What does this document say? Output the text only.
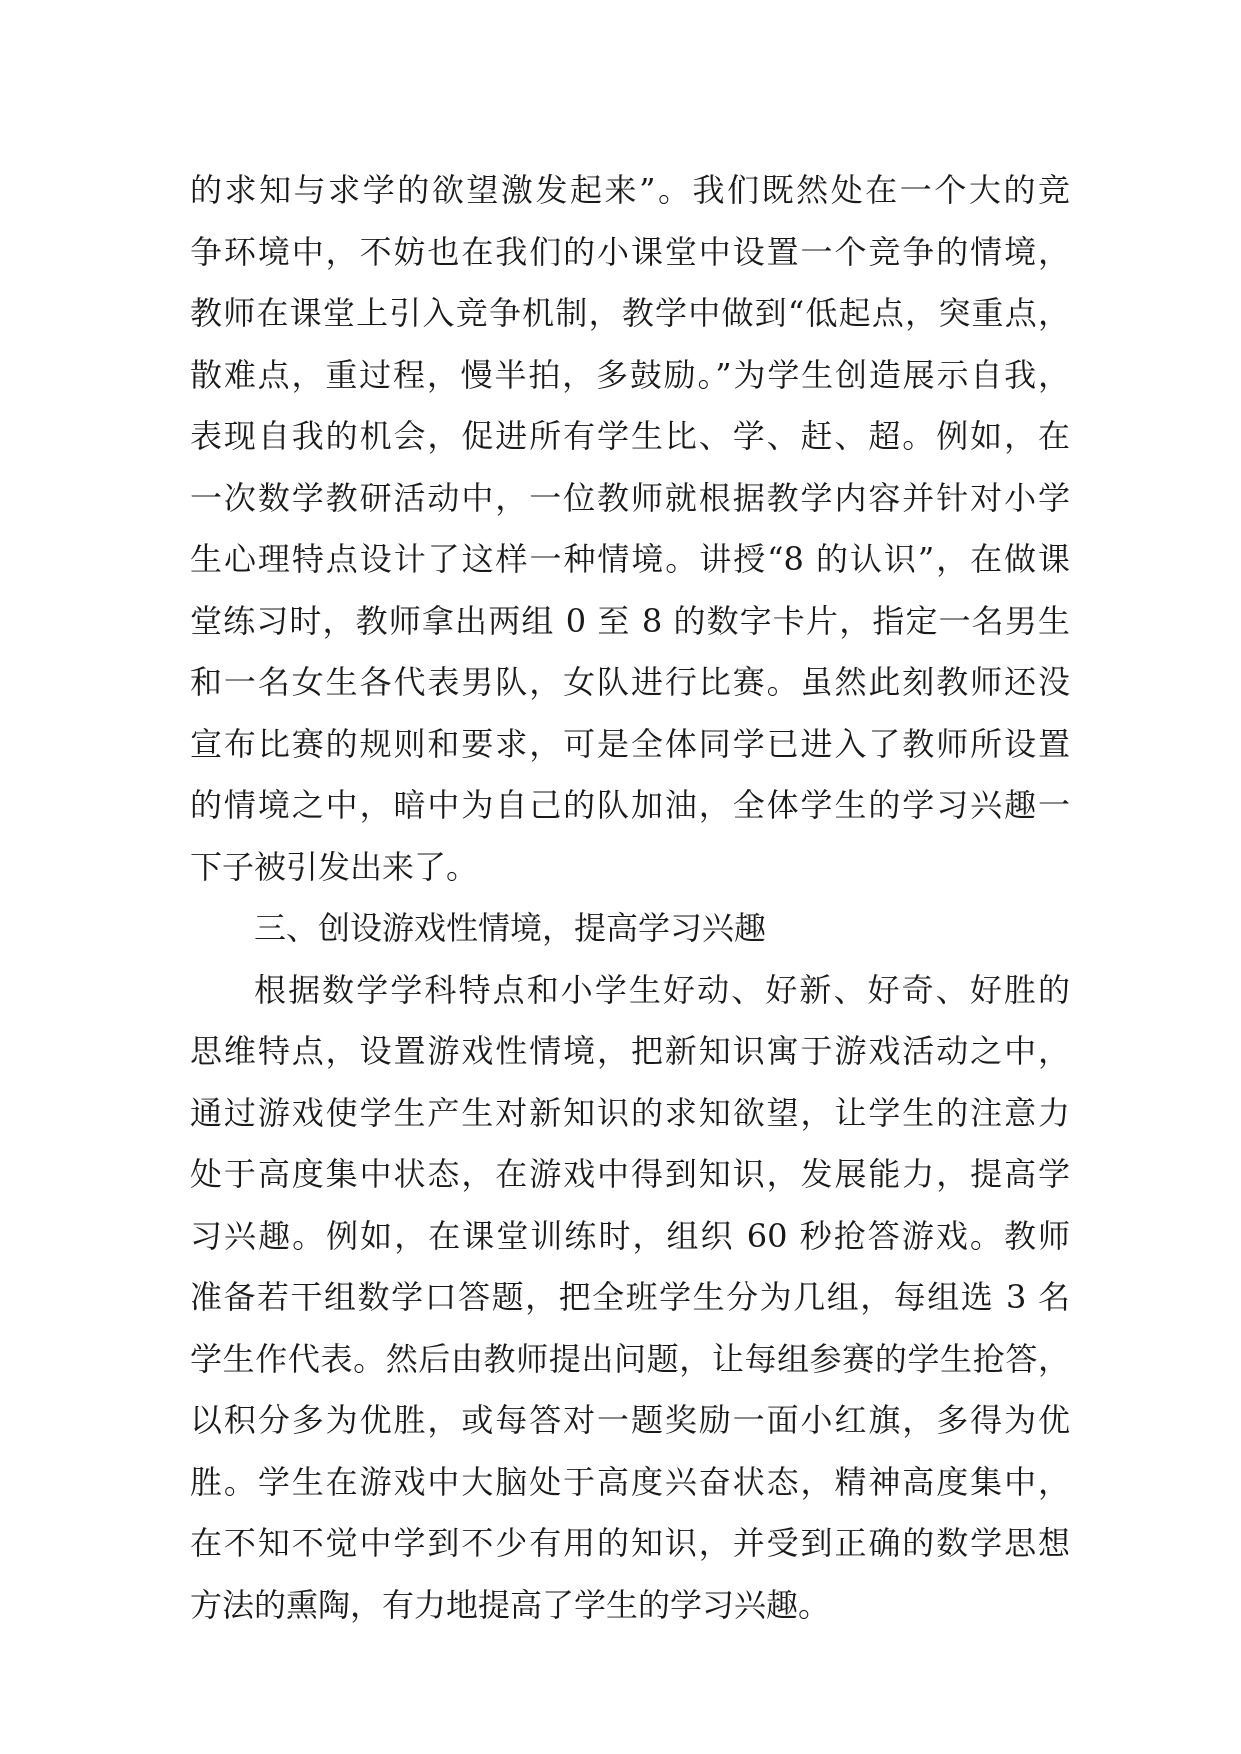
的求知与求学的欲望激发起来”。我们既然处在一个大的竞
争环境中，不妨也在我们的小课堂中设置一个竞争的情境，
教师在课堂上引入竞争机制，教学中做到“低起点，突重点，
散难点，重过程，慢半拍，多鼓励。”为学生创造展示自我，
表现自我的机会，促进所有学生比、学、赶、超。例如，在
一次数学教研活动中，一位教师就根据教学内容并针对小学
生心理特点设计了这样一种情境。讲授“8 的认识”，在做课
堂练习时，教师拿出两组 0 至 8 的数字卡片，指定一名男生
和一名女生各代表男队，女队进行比赛。虽然此刻教师还没
宣布比赛的规则和要求，可是全体同学已进入了教师所设置
的情境之中，暗中为自己的队加油，全体学生的学习兴趣一
下子被引发出来了。
三、创设游戏性情境，提高学习兴趣
根据数学学科特点和小学生好动、好新、好奇、好胜的
思维特点，设置游戏性情境，把新知识寓于游戏活动之中，
通过游戏使学生产生对新知识的求知欲望，让学生的注意力
处于高度集中状态，在游戏中得到知识，发展能力，提高学
习兴趣。例如，在课堂训练时，组织 60 秒抢答游戏。教师
准备若干组数学口答题，把全班学生分为几组，每组选 3 名
学生作代表。然后由教师提出问题，让每组参赛的学生抢答，
以积分多为优胜，或每答对一题奖励一面小红旗，多得为优
胜。学生在游戏中大脑处于高度兴奋状态，精神高度集中，
在不知不觉中学到不少有用的知识，并受到正确的数学思想
方法的熏陶，有力地提高了学生的学习兴趣。
